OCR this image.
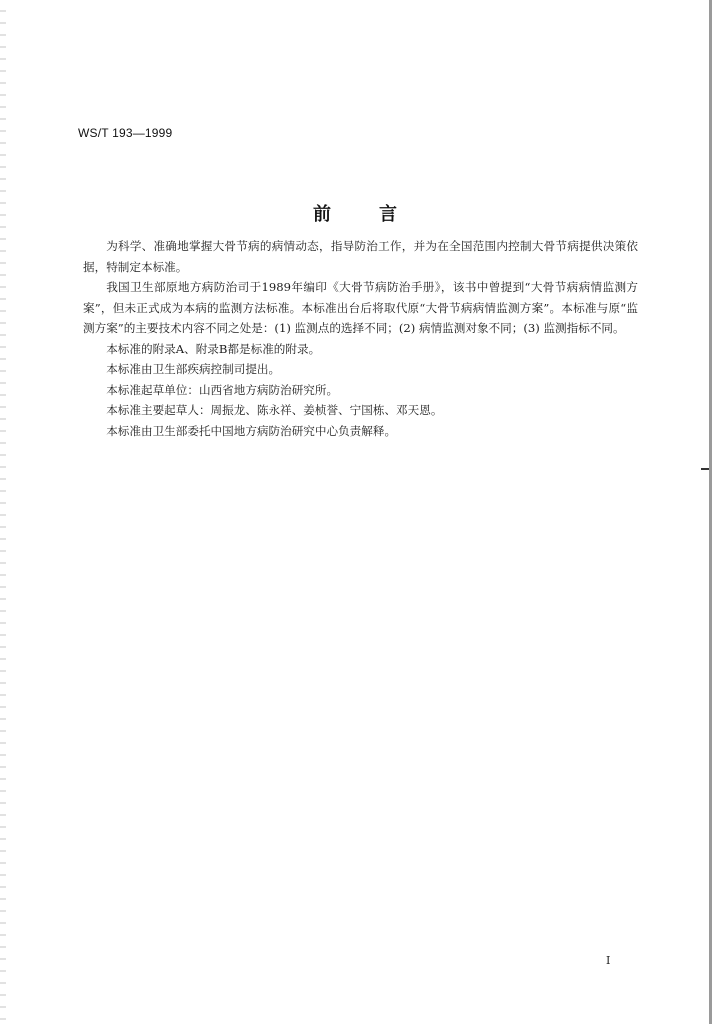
WS/T 193—1999
前	言

为科学、准确地掌握大骨节病的病情动态，指导防治工作，并为在全国范围内控制大骨节病提供决策依据，特制定本标准。

我国卫生部原地方病防治司于1989年编印《大骨节病防治手册》，该书中曾提到“大骨节病病情监测方案”，但未正式成为本病的监测方法标准。本标准出台后将取代原“大骨节病病情监测方案”。本标准与原“监测方案”的主要技术内容不同之处是：(1) 监测点的选择不同；(2) 病情监测对象不同；(3) 监测指标不同。

本标准的附录A、附录B都是标准的附录。

本标准由卫生部疾病控制司提出。

本标准起草单位：山西省地方病防治研究所。

本标准主要起草人：周振龙、陈永祥、姜桢誉、宁国栋、邓天恩。

本标准由卫生部委托中国地方病防治研究中心负责解释。

I
